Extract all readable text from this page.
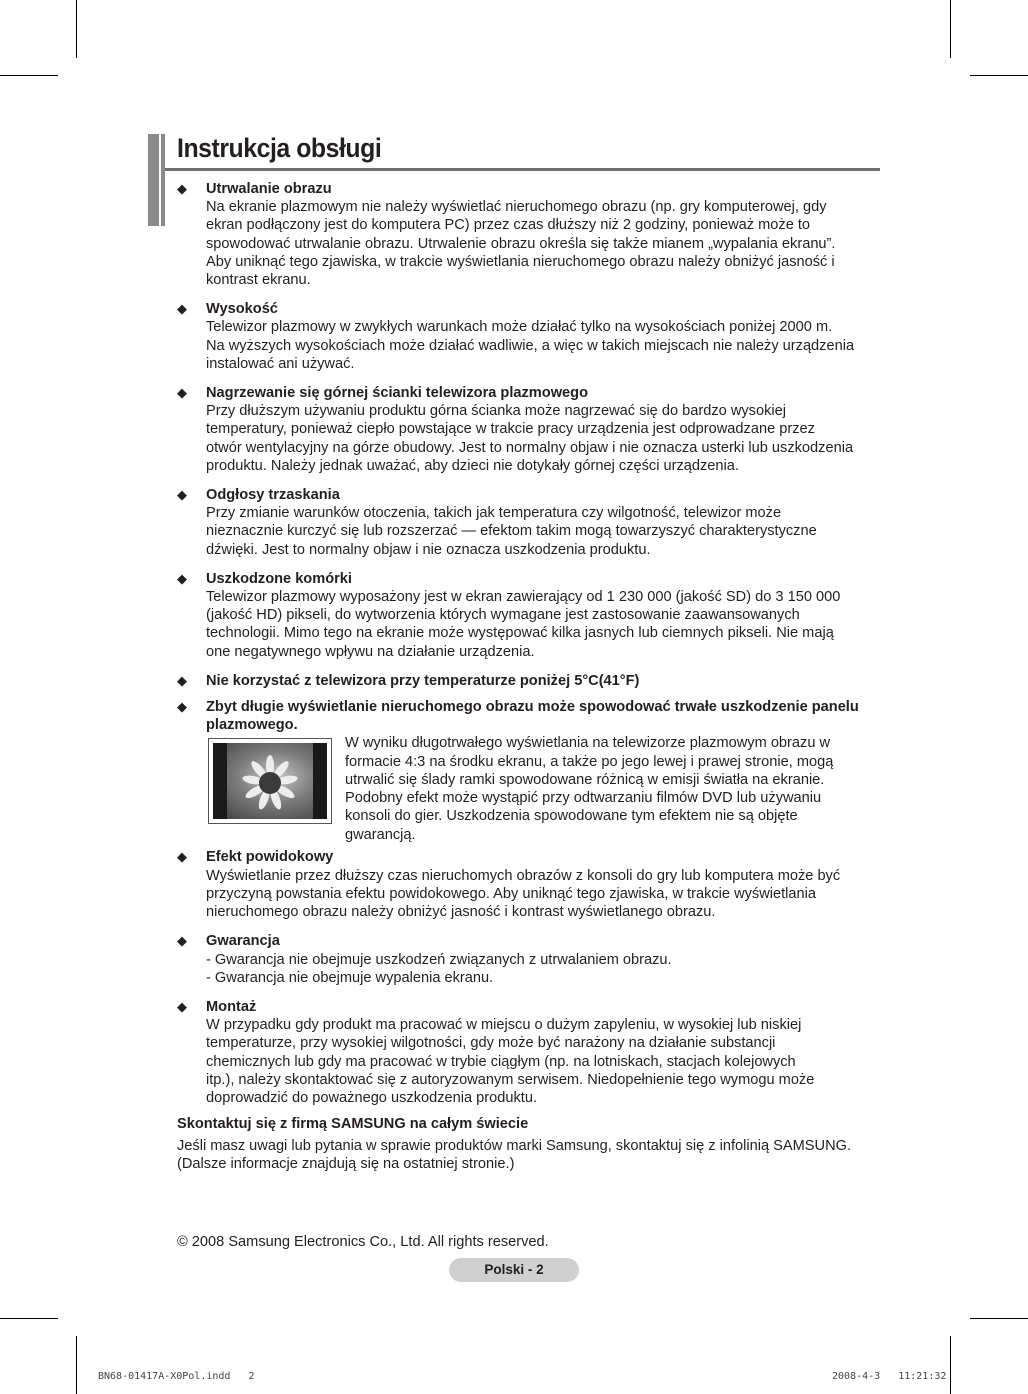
Instrukcja obsługi
◆ Utrwalanie obrazu
Na ekranie plazmowym nie należy wyświetlać nieruchomego obrazu (np. gry komputerowej, gdy
ekran podłączony jest do komputera PC) przez czas dłuższy niż 2 godziny, ponieważ może to
spowodować utrwalanie obrazu. Utrwalenie obrazu określa się także mianem „wypalania ekranu”.
Aby uniknąć tego zjawiska, w trakcie wyświetlania nieruchomego obrazu należy obniżyć jasność i
kontrast ekranu.
◆ Wysokość
Telewizor plazmowy w zwykłych warunkach może działać tylko na wysokościach poniżej 2000 m.
Na wyższych wysokościach może działać wadliwie, a więc w takich miejscach nie należy urządzenia
instalować ani używać.
◆ Nagrzewanie się górnej ścianki telewizora plazmowego
Przy dłuższym używaniu produktu górna ścianka może nagrzewać się do bardzo wysokiej
temperatury, ponieważ ciepło powstające w trakcie pracy urządzenia jest odprowadzane przez
otwór wentylacyjny na górze obudowy. Jest to normalny objaw i nie oznacza usterki lub uszkodzenia
produktu. Należy jednak uważać, aby dzieci nie dotykały górnej części urządzenia.
◆ Odgłosy trzaskania
Przy zmianie warunków otoczenia, takich jak temperatura czy wilgotność, telewizor może
nieznacznie kurczyć się lub rozszerzać — efektom takim mogą towarzyszyć charakterystyczne
dźwięki. Jest to normalny objaw i nie oznacza uszkodzenia produktu.
◆ Uszkodzone komórki
Telewizor plazmowy wyposażony jest w ekran zawierający od 1 230 000 (jakość SD) do 3 150 000
(jakość HD) pikseli, do wytworzenia których wymagane jest zastosowanie zaawansowanych
technologii. Mimo tego na ekranie może występować kilka jasnych lub ciemnych pikseli. Nie mają
one negatywnego wpływu na działanie urządzenia.
◆ Nie korzystać z telewizora przy temperaturze poniżej 5°C(41°F)
◆ Zbyt długie wyświetlanie nieruchomego obrazu może spowodować trwałe uszkodzenie panelu plazmowego.
W wyniku długotrwałego wyświetlania na telewizorze plazmowym obrazu w
formacie 4:3 na środku ekranu, a także po jego lewej i prawej stronie, mogą
utrwalić się ślady ramki spowodowane różnicą w emisji światła na ekranie.
Podobny efekt może wystąpić przy odtwarzaniu filmów DVD lub używaniu
konsoli do gier. Uszkodzenia spowodowane tym efektem nie są objęte
gwarancją.
◆ Efekt powidokowy
Wyświetlanie przez dłuższy czas nieruchomych obrazów z konsoli do gry lub komputera może być
przyczyną powstania efektu powidokowego. Aby uniknąć tego zjawiska, w trakcie wyświetlania
nieruchomego obrazu należy obniżyć jasność i kontrast wyświetlanego obrazu.
◆ Gwarancja
- Gwarancja nie obejmuje uszkodzeń związanych z utrwalaniem obrazu.
- Gwarancja nie obejmuje wypalenia ekranu.
◆ Montaż
W przypadku gdy produkt ma pracować w miejscu o dużym zapyleniu, w wysokiej lub niskiej
temperaturze, przy wysokiej wilgotności, gdy może być narażony na działanie substancji
chemicznych lub gdy ma pracować w trybie ciągłym (np. na lotniskach, stacjach kolejowych
itp.), należy skontaktować się z autoryzowanym serwisem. Niedopełnienie tego wymogu może
doprowadzić do poważnego uszkodzenia produktu.
Skontaktuj się z firmą SAMSUNG na całym świecie
Jeśli masz uwagi lub pytania w sprawie produktów marki Samsung, skontaktuj się z infolinią SAMSUNG.
(Dalsze informacje znajdują się na ostatniej stronie.)
© 2008 Samsung Electronics Co., Ltd. All rights reserved.
Polski - 2
BN68-01417A-X0Pol.indd   2	2008-4-3   11:21:32
